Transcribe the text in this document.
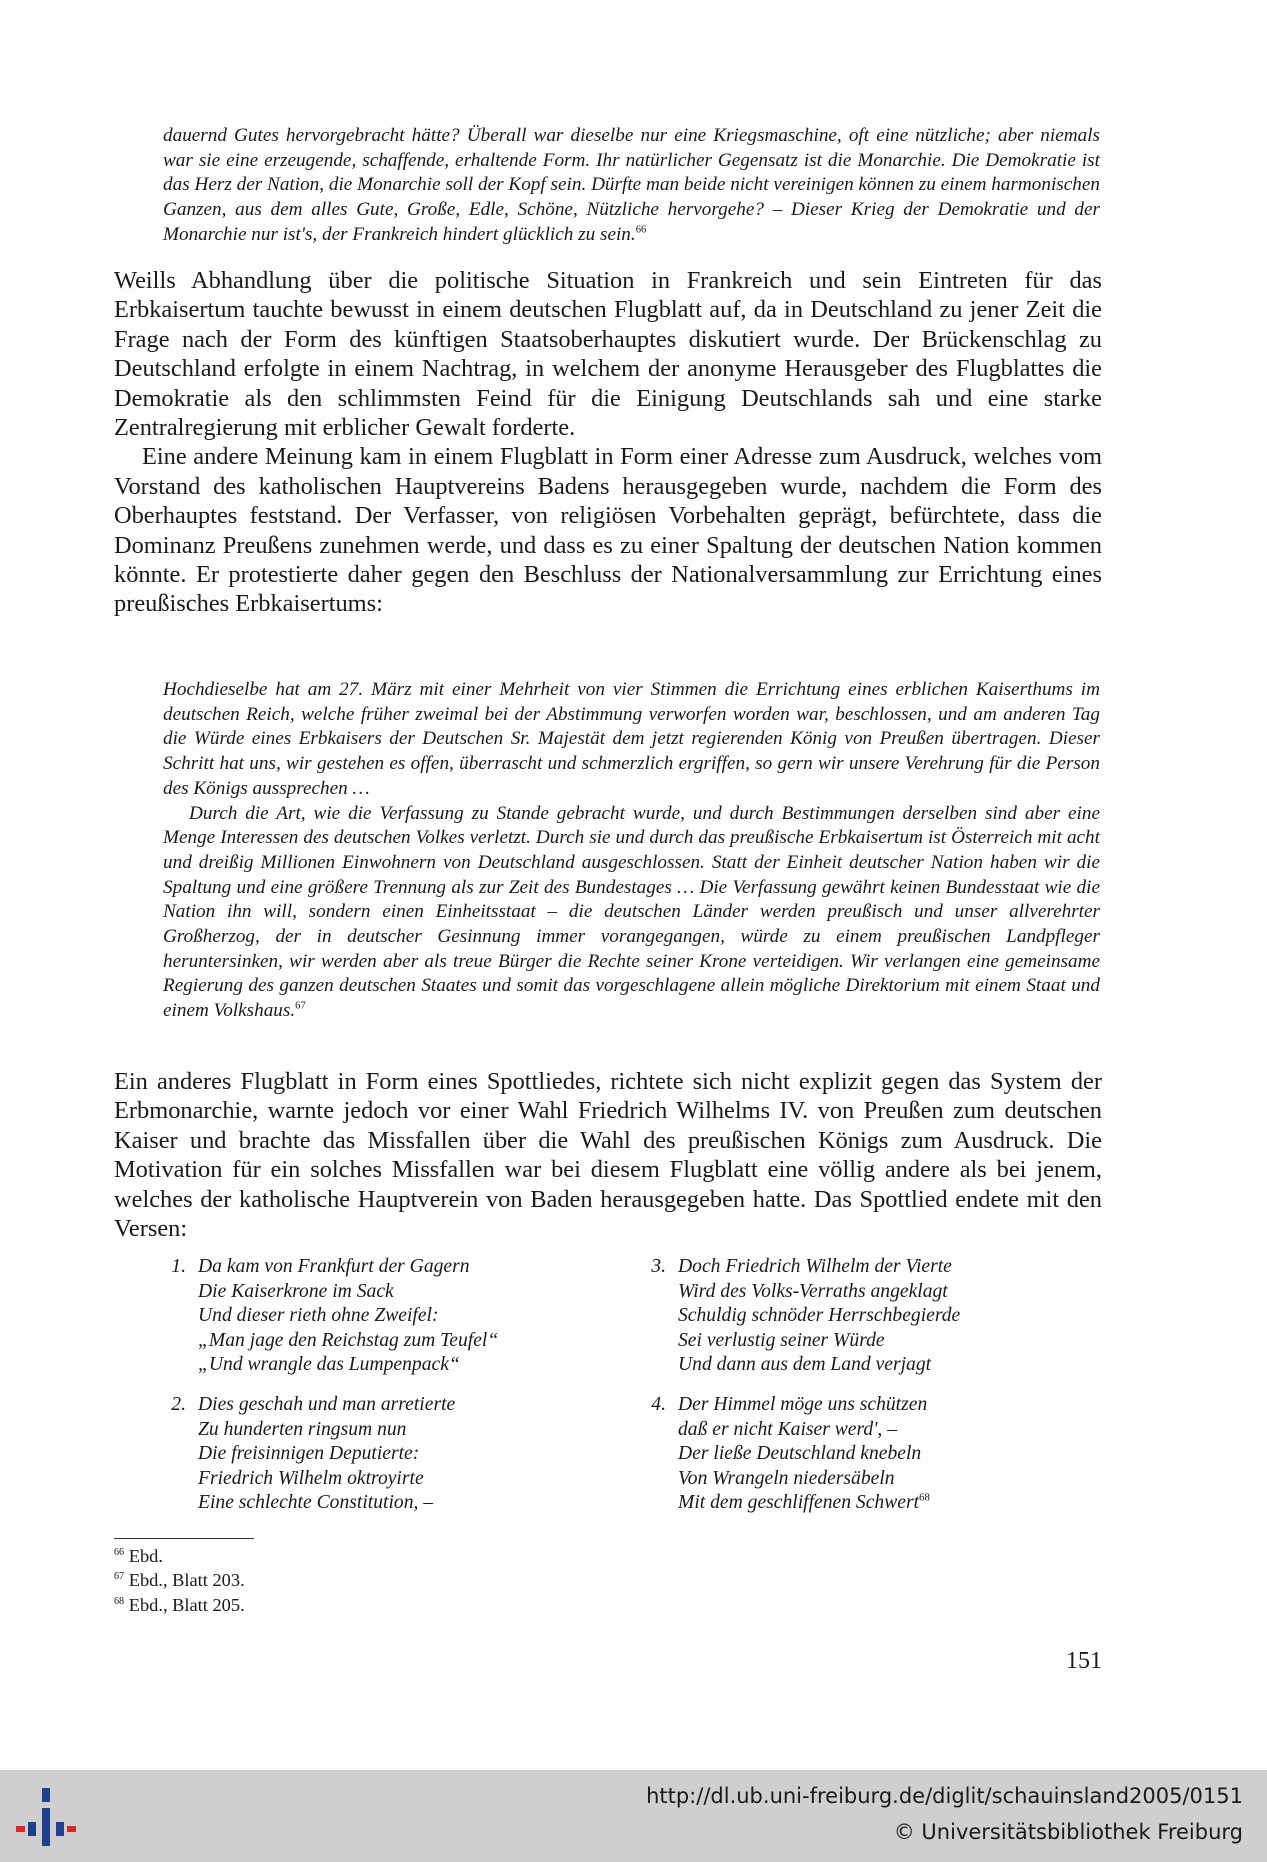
dauernd Gutes hervorgebracht hätte? Überall war dieselbe nur eine Kriegsmaschine, oft eine nützliche; aber niemals war sie eine erzeugende, schaffende, erhaltende Form. Ihr natürlicher Gegensatz ist die Monarchie. Die Demokratie ist das Herz der Nation, die Monarchie soll der Kopf sein. Dürfte man beide nicht vereinigen können zu einem harmonischen Ganzen, aus dem alles Gute, Große, Edle, Schöne, Nützliche hervorgehe? – Dieser Krieg der Demokratie und der Monarchie nur ist's, der Frankreich hindert glücklich zu sein.$^{66}$

Weills Abhandlung über die politische Situation in Frankreich und sein Eintreten für das Erbkaisertum tauchte bewusst in einem deutschen Flugblatt auf, da in Deutschland zu jener Zeit die Frage nach der Form des künftigen Staatsoberhauptes diskutiert wurde. Der Brückenschlag zu Deutschland erfolgte in einem Nachtrag, in welchem der anonyme Herausgeber des Flugblattes die Demokratie als den schlimmsten Feind für die Einigung Deutschlands sah und eine starke Zentralregierung mit erblicher Gewalt forderte.

Eine andere Meinung kam in einem Flugblatt in Form einer Adresse zum Ausdruck, welches vom Vorstand des katholischen Hauptvereins Badens herausgegeben wurde, nachdem die Form des Oberhauptes feststand. Der Verfasser, von religiösen Vorbehalten geprägt, befürchtete, dass die Dominanz Preußens zunehmen werde, und dass es zu einer Spaltung der deutschen Nation kommen könnte. Er protestierte daher gegen den Beschluss der Nationalversammlung zur Errichtung eines preußisches Erbkaisertums:

Hochdieselbe hat am 27. März mit einer Mehrheit von vier Stimmen die Errichtung eines erblichen Kaiserthums im deutschen Reich, welche früher zweimal bei der Abstimmung verworfen worden war, beschlossen, und am anderen Tag die Würde eines Erbkaisers der Deutschen Sr. Majestät dem jetzt regierenden König von Preußen übertragen. Dieser Schritt hat uns, wir gestehen es offen, überrascht und schmerzlich ergriffen, so gern wir unsere Verehrung für die Person des Königs aussprechen …

Durch die Art, wie die Verfassung zu Stande gebracht wurde, und durch Bestimmungen derselben sind aber eine Menge Interessen des deutschen Volkes verletzt. Durch sie und durch das preußische Erbkaisertum ist Österreich mit acht und dreißig Millionen Einwohnern von Deutschland ausgeschlossen. Statt der Einheit deutscher Nation haben wir die Spaltung und eine größere Trennung als zur Zeit des Bundestages … Die Verfassung gewährt keinen Bundesstaat wie die Nation ihn will, sondern einen Einheitsstaat – die deutschen Länder werden preußisch und unser allverehrter Großherzog, der in deutscher Gesinnung immer vorangegangen, würde zu einem preußischen Landpfleger heruntersinken, wir werden aber als treue Bürger die Rechte seiner Krone verteidigen. Wir verlangen eine gemeinsame Regierung des ganzen deutschen Staates und somit das vorgeschlagene allein mögliche Direktorium mit einem Staat und einem Volkshaus.$^{67}$

Ein anderes Flugblatt in Form eines Spottliedes, richtete sich nicht explizit gegen das System der Erbmonarchie, warnte jedoch vor einer Wahl Friedrich Wilhelms IV. von Preußen zum deutschen Kaiser und brachte das Missfallen über die Wahl des preußischen Königs zum Ausdruck. Die Motivation für ein solches Missfallen war bei diesem Flugblatt eine völlig andere als bei jenem, welches der katholische Hauptverein von Baden herausgegeben hatte. Das Spottlied endete mit den Versen:

1. Da kam von Frankfurt der Gagern
Die Kaiserkrone im Sack
Und dieser rieth ohne Zweifel:
„Man jage den Reichstag zum Teufel“
„Und wrangle das Lumpenpack“
2. Dies geschah und man arretierte
Zu hunderten ringsum nun
Die freisinnigen Deputierte:
Friedrich Wilhelm oktroyirte
Eine schlechte Constitution, –
3. Doch Friedrich Wilhelm der Vierte
Wird des Volks-Verraths angeklagt
Schuldig schnöder Herrschbegierde
Sei verlustig seiner Würde
Und dann aus dem Land verjagt
4. Der Himmel möge uns schützen
daß er nicht Kaiser werd', –
Der ließe Deutschland knebeln
Von Wrangeln niedersäbeln
Mit dem geschliffenen Schwert$^{68}$
$^{66}$ Ebd.
$^{67}$ Ebd., Blatt 203.
$^{68}$ Ebd., Blatt 205.
151
http://dl.ub.uni-freiburg.de/diglit/schauinsland2005/0151
© Universitätsbibliothek Freiburg
